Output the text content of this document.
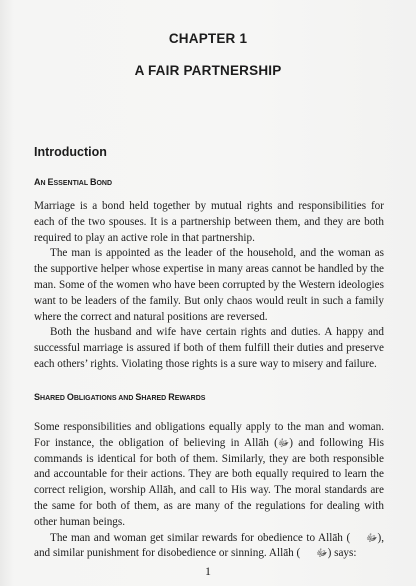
CHAPTER 1
A FAIR PARTNERSHIP
Introduction
AN ESSENTIAL BOND

Marriage is a bond held together by mutual rights and responsibilities for each of the two spouses. It is a partnership between them, and they are both required to play an active role in that partnership.

The man is appointed as the leader of the household, and the woman as the supportive helper whose expertise in many areas cannot be handled by the man. Some of the women who have been corrupted by the Western ideologies want to be leaders of the family. But only chaos would reult in such a family where the correct and natural positions are reversed.

Both the husband and wife have certain rights and duties. A happy and successful marriage is assured if both of them fulfill their duties and preserve each others’ rights. Violating those rights is a sure way to misery and failure.

SHARED OBLIGATIONS AND SHARED REWARDS

Some responsibilities and obligations equally apply to the man and woman. For instance, the obligation of believing in Allāh (ﷻ) and following His commands is identical for both of them. Similarly, they are both responsible and accountable for their actions. They are both equally required to learn the correct religion, worship Allāh, and call to His way. The moral standards are the same for both of them, as are many of the regulations for dealing with other human beings.

The man and woman get similar rewards for obedience to Allāh ( ﷻ), and similar punishment for disobedience or sinning. Allāh ( ﷻ) says:

1
